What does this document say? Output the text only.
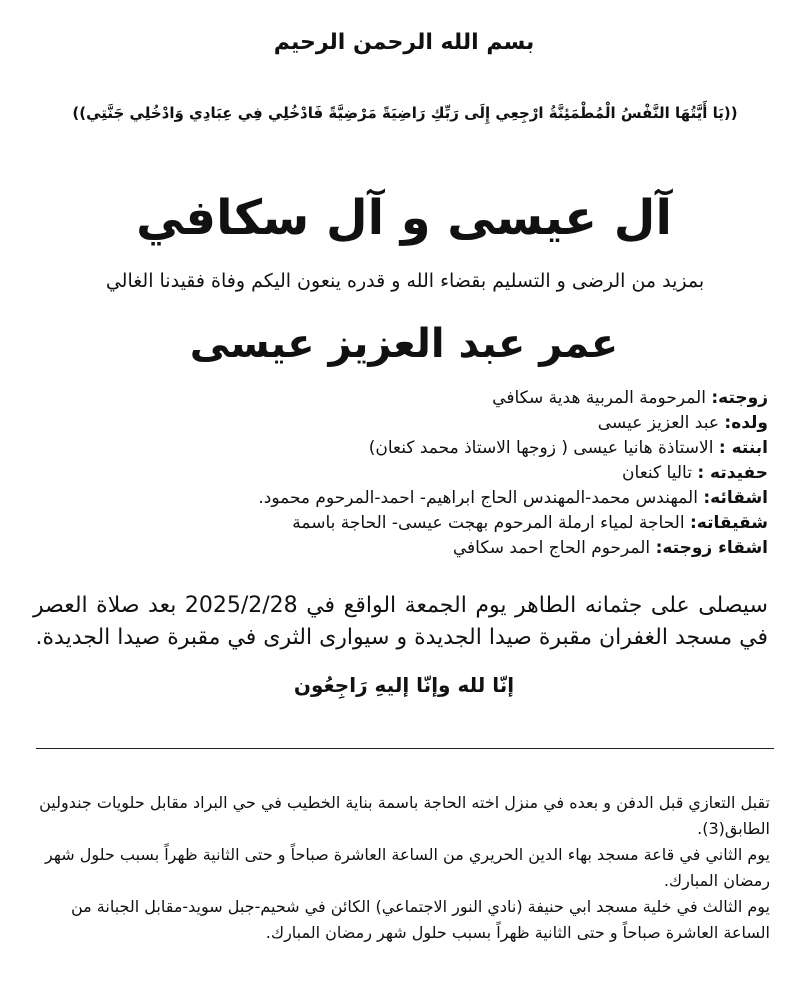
بسم الله الرحمن الرحيم
((يَا أَيَّتُهَا النَّفْسُ الْمُطْمَئِنَّةُ ارْجِعِي إِلَى رَبِّكِ رَاضِيَةً مَرْضِيَّةً فَادْخُلِي فِي عِبَادِي وَادْخُلِي جَنَّتِي))
آل عيسى و آل سكافي
بمزيد من الرضى و التسليم بقضاء الله و قدره ينعون اليكم وفاة فقيدنا الغالي
عمر عبد العزيز عيسى
زوجته: المرحومة المربية هدية سكافي
ولده: عبد العزيز عيسى
ابنته : الاستاذة هانيا عيسى ( زوجها الاستاذ محمد كنعان)
حفيدته : تاليا كنعان
اشقائه: المهندس محمد-المهندس الحاج ابراهيم- احمد-المرحوم محمود.
شقيقاته: الحاجة لمياء ارملة المرحوم بهجت عيسى- الحاجة باسمة
اشقاء زوجته: المرحوم الحاج احمد سكافي
سيصلى على جثمانه الطاهر يوم الجمعة الواقع في 2025/2/28 بعد صلاة العصر في مسجد الغفران مقبرة صيدا الجديدة و سيوارى الثرى في مقبرة صيدا الجديدة.
إنّا لله وإنّا إليهِ رَاجِعُون

تقبل التعازي قبل الدفن و بعده في منزل اخته الحاجة باسمة بناية الخطيب في حي البراد مقابل حلويات جندولين الطابق(3).

يوم الثاني في قاعة مسجد بهاء الدين الحريري من الساعة العاشرة صباحاً و حتى الثانية ظهراً بسبب حلول شهر رمضان المبارك.

يوم الثالث في خلية مسجد ابي حنيفة (نادي النور الاجتماعي) الكائن في شحيم-جبل سويد-مقابل الجبانة من الساعة العاشرة صباحاً و حتى الثانية ظهراً بسبب حلول شهر رمضان المبارك.
